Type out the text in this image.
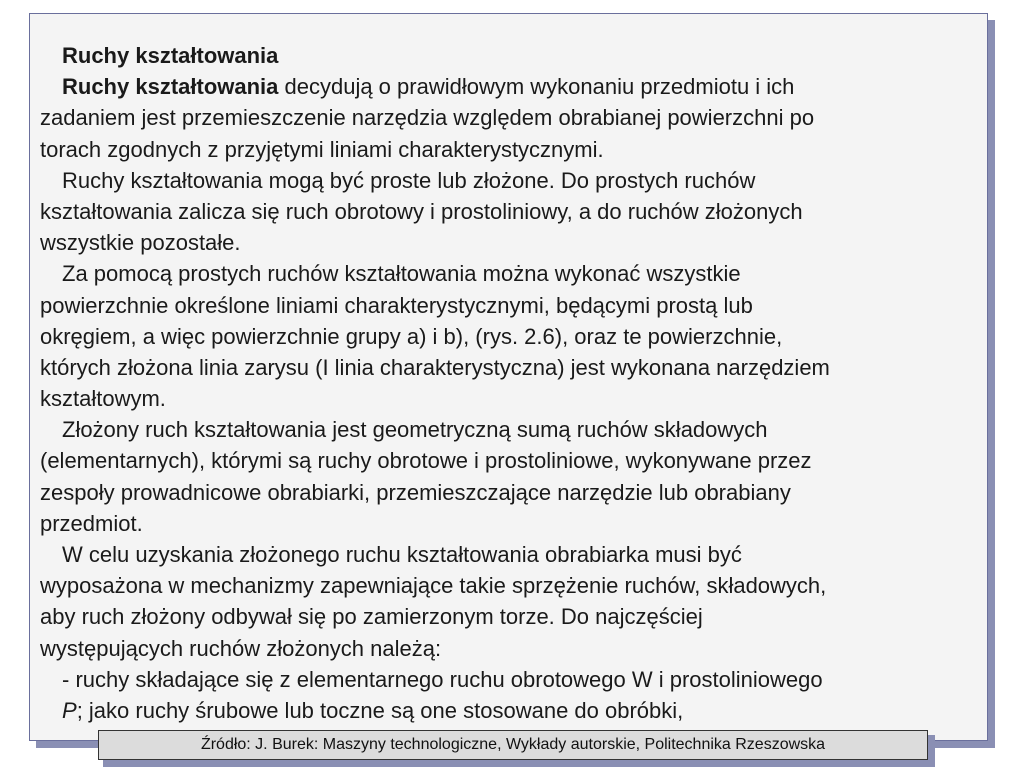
Ruchy kształtowania
Ruchy kształtowania decydują o prawidłowym wykonaniu przedmiotu i ich
zadaniem jest przemieszczenie narzędzia względem obrabianej powierzchni po
torach zgodnych z przyjętymi liniami charakterystycznymi.
Ruchy kształtowania mogą być proste lub złożone. Do prostych ruchów
kształtowania zalicza się ruch obrotowy i prostoliniowy, a do ruchów złożonych
wszystkie pozostałe.
Za pomocą prostych ruchów kształtowania można wykonać wszystkie
powierzchnie określone liniami charakterystycznymi, będącymi prostą lub
okręgiem, a więc powierzchnie grupy a) i b), (rys. 2.6), oraz te powierzchnie,
których złożona linia zarysu (I linia charakterystyczna) jest wykonana narzędziem
kształtowym.
Złożony ruch kształtowania jest geometryczną sumą ruchów składowych
(elementarnych), którymi są ruchy obrotowe i prostoliniowe, wykonywane przez
zespoły prowadnicowe obrabiarki, przemieszczające narzędzie lub obrabiany
przedmiot.
W celu uzyskania złożonego ruchu kształtowania obrabiarka musi być
wyposażona w mechanizmy zapewniające takie sprzężenie ruchów, składowych,
aby ruch złożony odbywał się po zamierzonym torze. Do najczęściej
występujących ruchów złożonych należą:
- ruchy składające się z elementarnego ruchu obrotowego W i prostoliniowego
P; jako ruchy śrubowe lub toczne są one stosowane do obróbki,
Źródło: J. Burek: Maszyny technologiczne, Wykłady autorskie, Politechnika Rzeszowska
